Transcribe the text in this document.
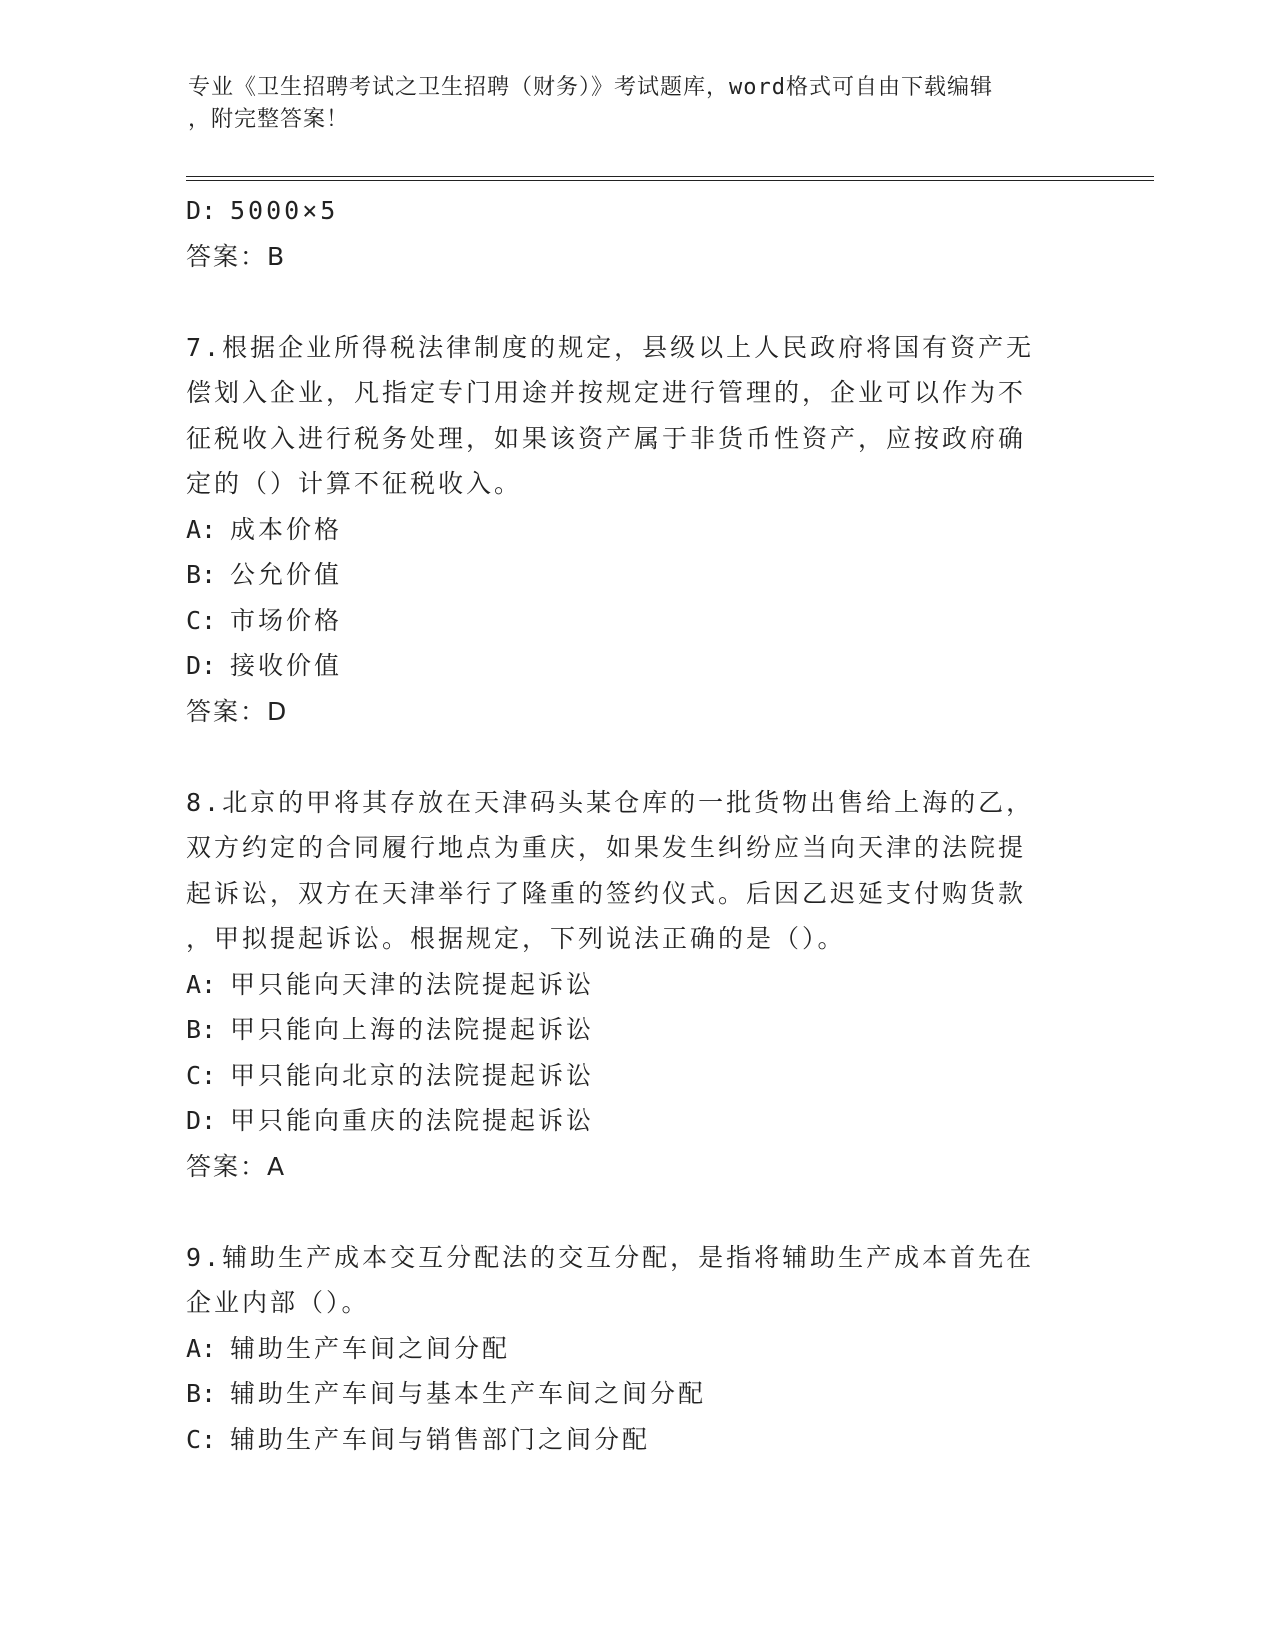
专业《卫生招聘考试之卫生招聘（财务）》考试题库，word格式可自由下载编辑
，附完整答案！
D: 5000×5
答案：B
7.根据企业所得税法律制度的规定，县级以上人民政府将国有资产无
偿划入企业，凡指定专门用途并按规定进行管理的，企业可以作为不
征税收入进行税务处理，如果该资产属于非货币性资产，应按政府确
定的（）计算不征税收入。
A: 成本价格
B: 公允价值
C: 市场价格
D: 接收价值
答案：D
8.北京的甲将其存放在天津码头某仓库的一批货物出售给上海的乙，
双方约定的合同履行地点为重庆，如果发生纠纷应当向天津的法院提
起诉讼，双方在天津举行了隆重的签约仪式。后因乙迟延支付购货款
，甲拟提起诉讼。根据规定，下列说法正确的是（）。
A: 甲只能向天津的法院提起诉讼
B: 甲只能向上海的法院提起诉讼
C: 甲只能向北京的法院提起诉讼
D: 甲只能向重庆的法院提起诉讼
答案：A
9.辅助生产成本交互分配法的交互分配，是指将辅助生产成本首先在
企业内部（）。
A: 辅助生产车间之间分配
B: 辅助生产车间与基本生产车间之间分配
C: 辅助生产车间与销售部门之间分配
